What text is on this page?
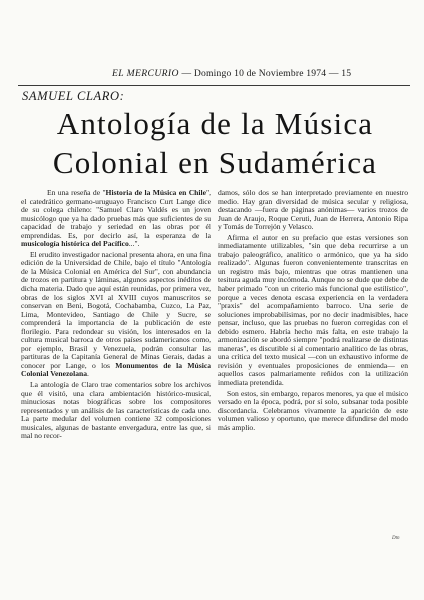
EL MERCURIO — Domingo 10 de Noviembre 1974 — 15
SAMUEL CLARO:
Antología de la Música
Colonial en Sudamérica

En una reseña de "Historia de la Música en Chile", el catedrático germano-uruguayo Francisco Curt Lange dice de su colega chileno: "Samuel Claro Valdés es un joven musicólogo que ya ha dado pruebas más que suficientes de su capacidad de trabajo y seriedad en las obras por él emprendidas. Es, por decirlo así, la esperanza de la musicología histórica del Pacífico...".

El erudito investigador nacional presenta ahora, en una fina edición de la Universidad de Chile, bajo el título "Antología de la Música Colonial en América del Sur", con abundancia de trozos en partitura y láminas, algunos aspectos inéditos de dicha materia. Dado que aquí están reunidas, por primera vez, obras de los siglos XVI al XVIII cuyos manuscritos se conservan en Beni, Bogotá, Cochabamba, Cuzco, La Paz, Lima, Montevideo, Santiago de Chile y Sucre, se comprenderá la importancia de la publicación de este florilegio. Para redondear su visión, los interesados en la cultura musical barroca de otros países sudamericanos como, por ejemplo, Brasil y Venezuela, podrán consultar las partituras de la Capitanía General de Minas Gerais, dadas a conocer por Lange, o los Monumentos de la Música Colonial Venezolana.

La antología de Claro trae comentarios sobre los archivos que él visitó, una clara ambientación histórico-musical, minuciosas notas biográficas sobre los compositores representados y un análisis de las características de cada uno. La parte medular del volumen contiene 32 composiciones musicales, algunas de bastante envergadura, entre las que, si mal no recor-

damos, sólo dos se han interpretado previamente en nuestro medio. Hay gran diversidad de música secular y religiosa, destacando —fuera de páginas anónimas— varios trozos de Juan de Araujo, Roque Ceruti, Juan de Herrera, Antonio Ripa y Tomás de Torrejón y Velasco.

Afirma el autor en su prefacio que estas versiones son inmediatamente utilizables, "sin que deba recurrirse a un trabajo paleográfico, analítico o armónico, que ya ha sido realizado". Algunas fueron convenientemente transcritas en un registro más bajo, mientras que otras mantienen una tesitura aguda muy incómoda. Aunque no se dude que debe de haber primado "con un criterio más funcional que estilístico", porque a veces denota escasa experiencia en la verdadera "praxis" del acompañamiento barroco. Una serie de soluciones improbabilísimas, por no decir inadmisibles, hace pensar, incluso, que las pruebas no fueron corregidas con el debido esmero. Habría hecho más falta, en este trabajo la armonización se abordó siempre "podrá realizarse de distintas maneras", es discutible si al comentario analítico de las obras, una crítica del texto musical —con un exhaustivo informe de revisión y eventuales proposiciones de enmienda— en aquellos casos palmariamente reñidos con la utilización inmediata pretendida.

Son estos, sin embargo, reparos menores, ya que el músico versado en la época, podrá, por sí solo, subsanar toda posible discordancia. Celebramos vivamente la aparición de este volumen valioso y oportuno, que merece difundirse del modo más amplio.

Dtn
